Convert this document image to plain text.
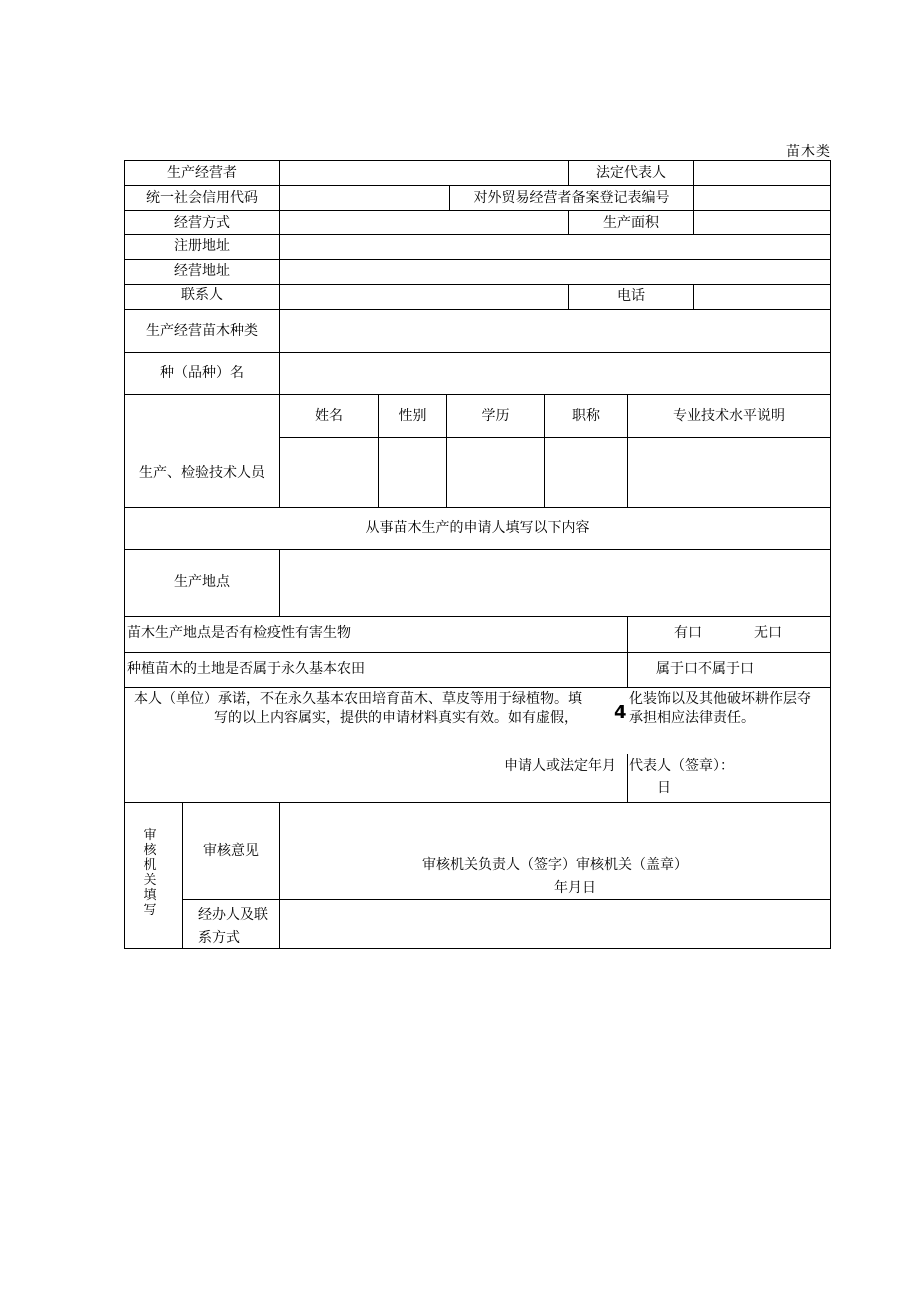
苗木类
生产经营者	法定代表人
统一社会信用代码	对外贸易经营者备案登记表编号
经营方式	生产面积
注册地址
经营地址
联系人	电话
生产经营苗木种类
种（品种）名
姓名	性别	学历	职称	专业技术水平说明
生产、检验技术人员
从事苗木生产的申请人填写以下内容
生产地点
苗木生产地点是否有检疫性有害生物	有口	无口
种植苗木的土地是否属于永久基本农田	属于口不属于口
本人（单位）承诺，不在永久基本农田培育苗木、草皮等用于绿植物。填	化装饰以及其他破坏耕作层夺
写的以上内容属实，提供的申请材料真实有效。如有虚假， 4 承担相应法律责任。
申请人或法定年月 代表人（签章）：
日
审核机关填写
审核意见
审核机关负责人（签字）审核机关（盖章）
年月日
经办人及联
系方式
